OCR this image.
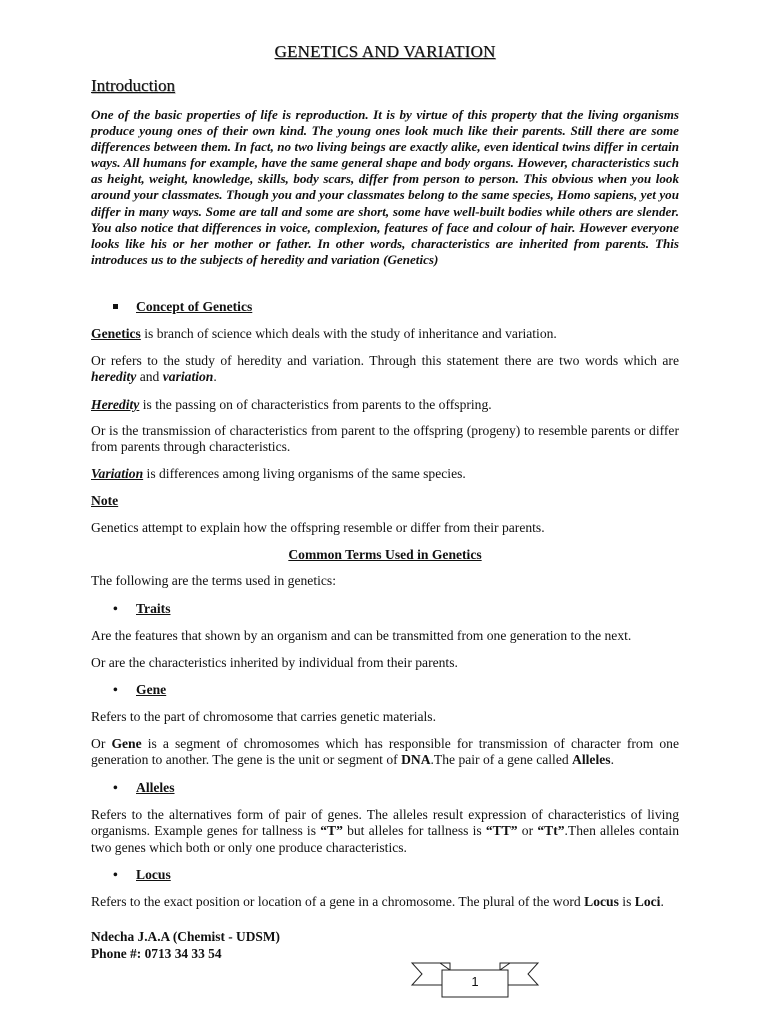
GENETICS AND VARIATION
Introduction
One of the basic properties of life is reproduction. It is by virtue of this property that the living organisms produce young ones of their own kind. The young ones look much like their parents. Still there are some differences between them. In fact, no two living beings are exactly alike, even identical twins differ in certain ways. All humans for example, have the same general shape and body organs. However, characteristics such as height, weight, knowledge, skills, body scars, differ from person to person. This obvious when you look around your classmates. Though you and your classmates belong to the same species, Homo sapiens, yet you differ in many ways. Some are tall and some are short, some have well-built bodies while others are slender. You also notice that differences in voice, complexion, features of face and colour of hair. However everyone looks like his or her mother or father. In other words, characteristics are inherited from parents. This introduces us to the subjects of heredity and variation (Genetics)
Concept of Genetics

Genetics is branch of science which deals with the study of inheritance and variation.

Or refers to the study of heredity and variation. Through this statement there are two words which are heredity and variation.

Heredity is the passing on of characteristics from parents to the offspring.

Or is the transmission of characteristics from parent to the offspring (progeny) to resemble parents or differ from parents through characteristics.

Variation is differences among living organisms of the same species.

Note

Genetics attempt to explain how the offspring resemble or differ from their parents.

Common Terms Used in Genetics

The following are the terms used in genetics:

• Traits

Are the features that shown by an organism and can be transmitted from one generation to the next.

Or are the characteristics inherited by individual from their parents.

• Gene

Refers to the part of chromosome that carries genetic materials.

Or Gene is a segment of chromosomes which has responsible for transmission of character from one generation to another. The gene is the unit or segment of DNA.The pair of a gene called Alleles.

• Alleles

Refers to the alternatives form of pair of genes. The alleles result expression of characteristics of living organisms. Example genes for tallness is “T” but alleles for tallness is “TT” or “Tt”.Then alleles contain two genes which both or only one produce characteristics.

• Locus

Refers to the exact position or location of a gene in a chromosome. The plural of the word Locus is Loci.

Ndecha J.A.A (Chemist - UDSM)
Phone #: 0713 34 33 54
1
